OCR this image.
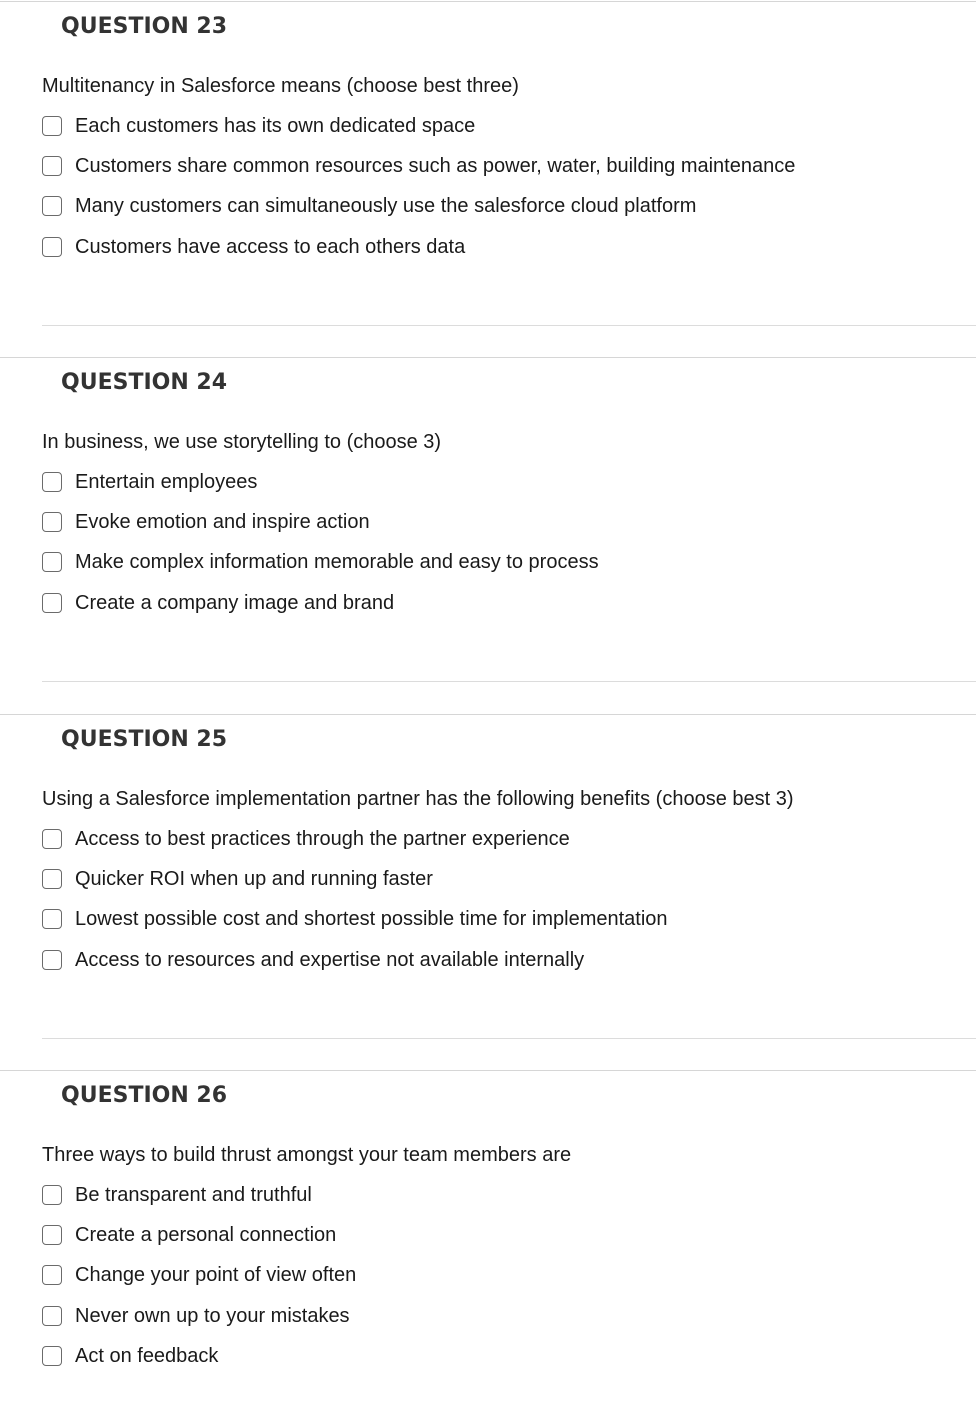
QUESTION 23
Multitenancy in Salesforce means (choose best three)
Each customers has its own dedicated space
Customers share common resources such as power, water, building maintenance
Many customers can simultaneously use the salesforce cloud platform
Customers have access to each others data
QUESTION 24
In business, we use storytelling to (choose 3)
Entertain employees
Evoke emotion and inspire action
Make complex information memorable and easy to process
Create a company image and brand
QUESTION 25
Using a Salesforce implementation partner has the following benefits (choose best 3)
Access to best practices through the partner experience
Quicker ROI when up and running faster
Lowest possible cost and shortest possible time for implementation
Access to resources and expertise not available internally
QUESTION 26
Three ways to build thrust amongst your team members are
Be transparent and truthful
Create a personal connection
Change your point of view often
Never own up to your mistakes
Act on feedback
